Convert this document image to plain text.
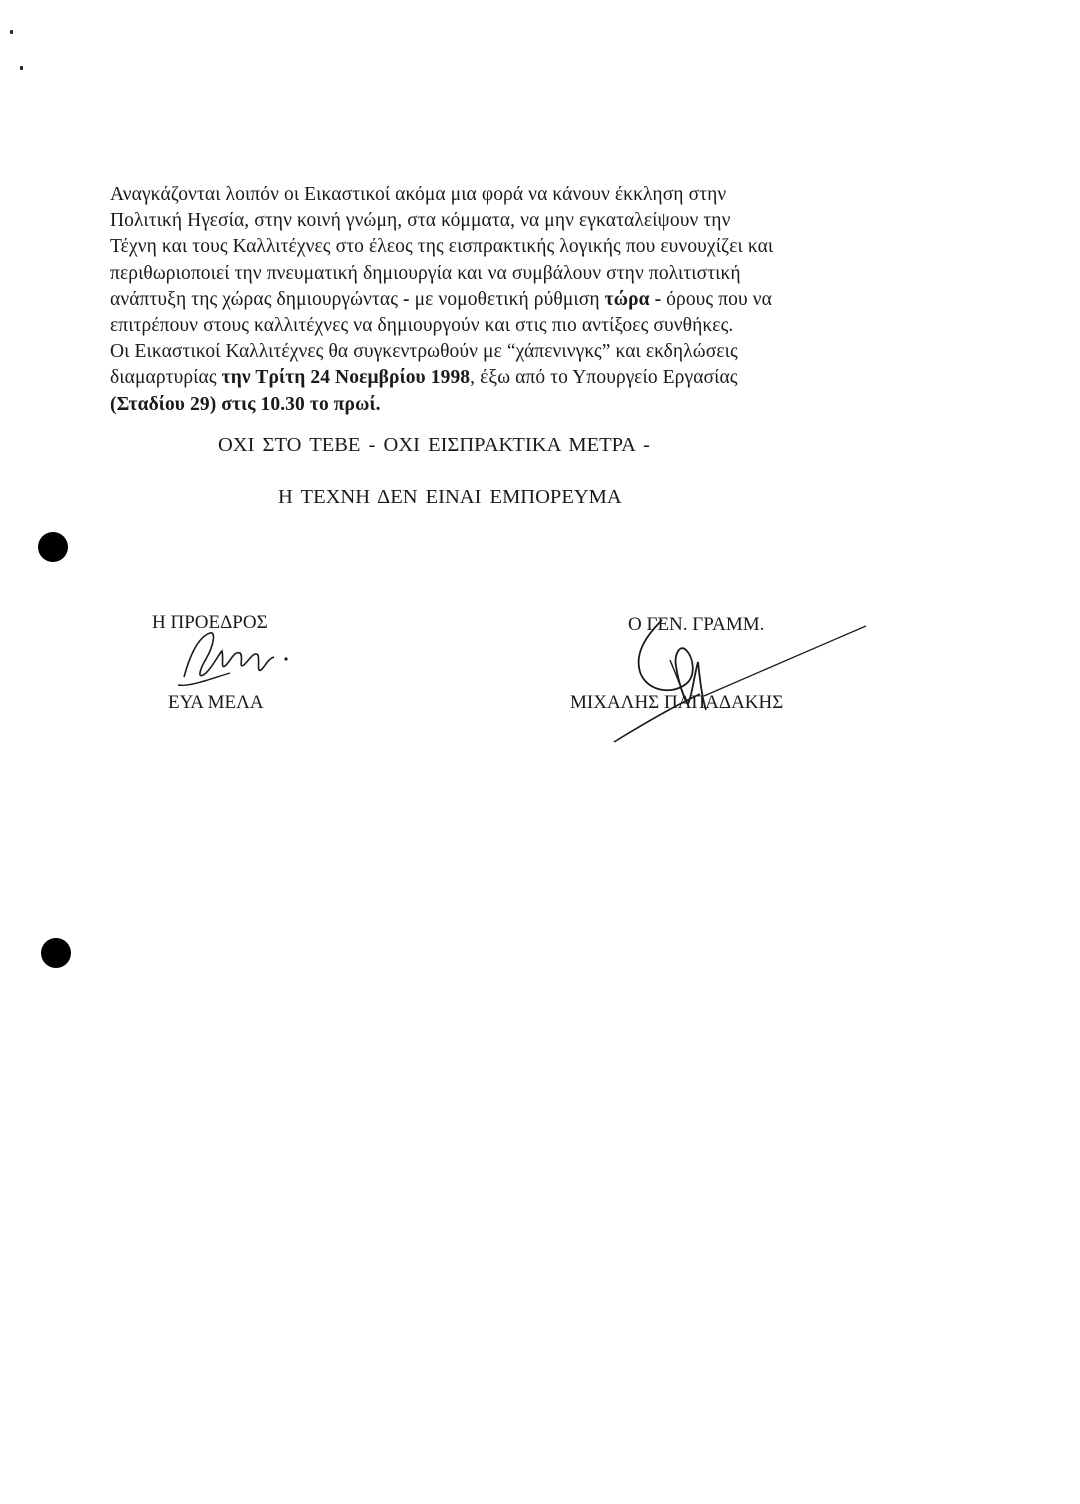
Αναγκάζονται λοιπόν οι Εικαστικοί ακόμα μια φορά να κάνουν έκκληση στην
Πολιτική Ηγεσία, στην κοινή γνώμη, στα κόμματα, να μην εγκαταλείψουν την
Τέχνη και τους Καλλιτέχνες στο έλεος της εισπρακτικής λογικής που ευνουχίζει και
περιθωριοποιεί την πνευματική δημιουργία και να συμβάλουν στην πολιτιστική
ανάπτυξη της χώρας δημιουργώντας - με νομοθετική ρύθμιση τώρα - όρους που να
επιτρέπουν στους καλλιτέχνες να δημιουργούν και στις πιο αντίξοες συνθήκες.
Οι Εικαστικοί Καλλιτέχνες θα συγκεντρωθούν με “χάπενινγκς” και εκδηλώσεις
διαμαρτυρίας την Τρίτη 24 Νοεμβρίου 1998, έξω από το Υπουργείο Εργασίας
(Σταδίου 29) στις 10.30 το πρωί.
ΟΧΙ ΣΤΟ ΤΕΒΕ - ΟΧΙ ΕΙΣΠΡΑΚΤΙΚΑ ΜΕΤΡΑ -
Η ΤΕΧΝΗ ΔΕΝ ΕΙΝΑΙ ΕΜΠΟΡΕΥΜΑ
Η ΠΡΟΕΔΡΟΣ
ΕΥΑ ΜΕΛΑ
Ο ΓΕΝ. ΓΡΑΜΜ.
ΜΙΧΑΛΗΣ ΠΑΠΑΔΑΚΗΣ
